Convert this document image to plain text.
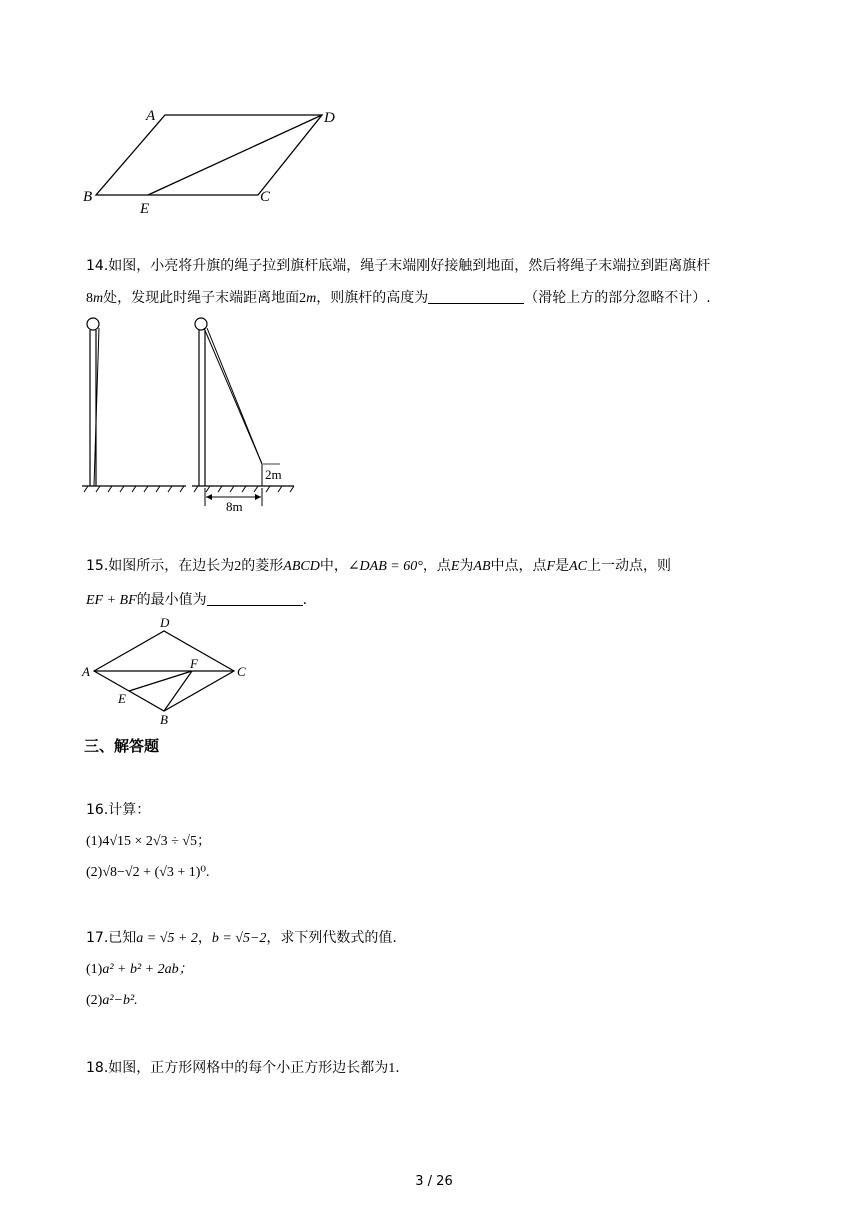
A	D
B
E
C
14.如图，小亮将升旗的绳子拉到旗杆底端，绳子末端刚好接触到地面，然后将绳子末端拉到距离旗杆
8m处，发现此时绳子末端距离地面2m，则旗杆的高度为	（滑轮上方的部分忽略不计）.
2m
8m
15.如图所示，在边长为2的菱形ABCD中，∠DAB = 60°，点E为AB中点，点F是AC上一动点，则
EF + BF的最小值为	.
D
A
F
C
E
B
三、解答题
16.计算：
(1)4√15 × 2√3 ÷ √5；
(2)√8−√2 + (√3 + 1)⁰.
17.已知a = √5 + 2，b = √5−2，求下列代数式的值.
(1)a² + b² + 2ab；
(2)a²−b².
18.如图，正方形网格中的每个小正方形边长都为1.
3 / 26
